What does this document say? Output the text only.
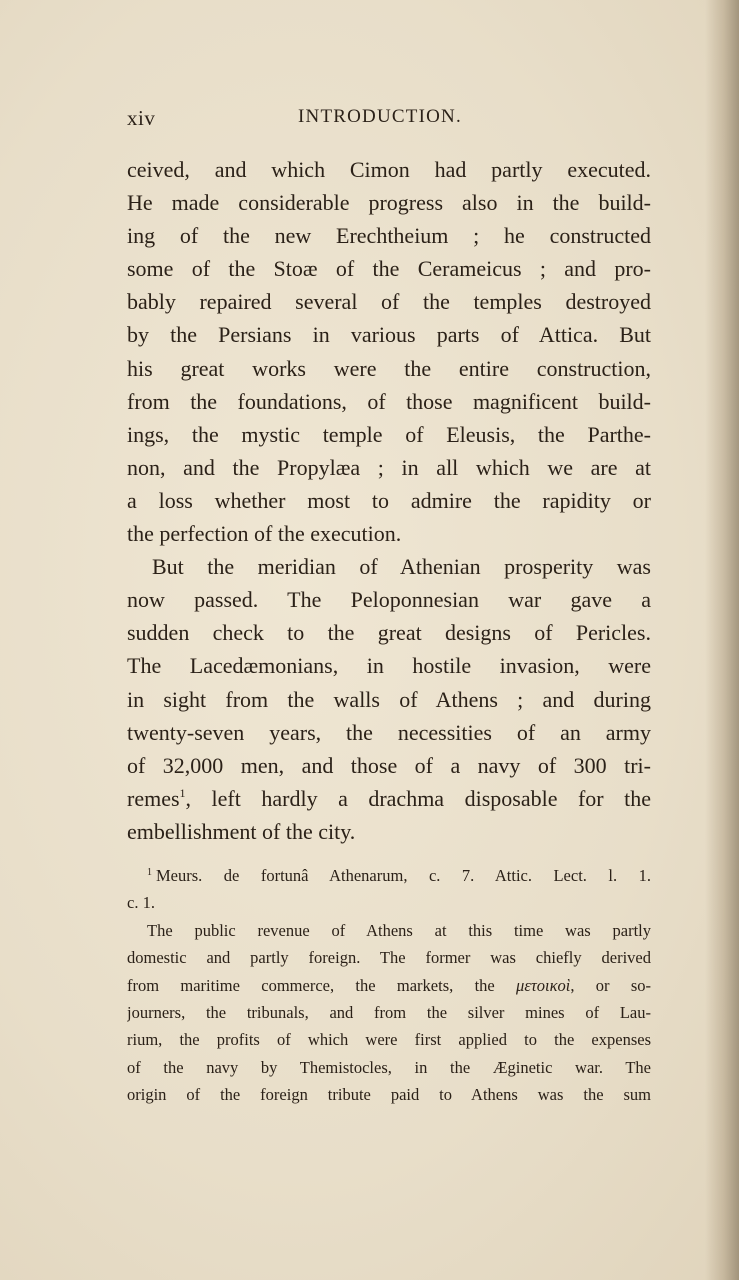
xiv	INTRODUCTION.
ceived, and which Cimon had partly executed.
He made considerable progress also in the build-
ing of the new Erechtheium ; he constructed
some of the Stoæ of the Cerameicus ; and pro-
bably repaired several of the temples destroyed
by the Persians in various parts of Attica. But
his great works were the entire construction,
from the foundations, of those magnificent build-
ings, the mystic temple of Eleusis, the Parthe-
non, and the Propylæa ; in all which we are at
a loss whether most to admire the rapidity or
the perfection of the execution.
But the meridian of Athenian prosperity was
now passed. The Peloponnesian war gave a
sudden check to the great designs of Pericles.
The Lacedæmonians, in hostile invasion, were
in sight from the walls of Athens ; and during
twenty-seven years, the necessities of an army
of 32,000 men, and those of a navy of 300 tri-
remes$^1$, left hardly a drachma disposable for the
embellishment of the city.
$^1$ Meurs. de fortunâ Athenarum, c. 7. Attic. Lect. l. 1.
c. 1.
The public revenue of Athens at this time was partly
domestic and partly foreign. The former was chiefly derived
from maritime commerce, the markets, the μετοικοὶ, or so-
journers, the tribunals, and from the silver mines of Lau-
rium, the profits of which were first applied to the expenses
of the navy by Themistocles, in the Æginetic war. The
origin of the foreign tribute paid to Athens was the sum
